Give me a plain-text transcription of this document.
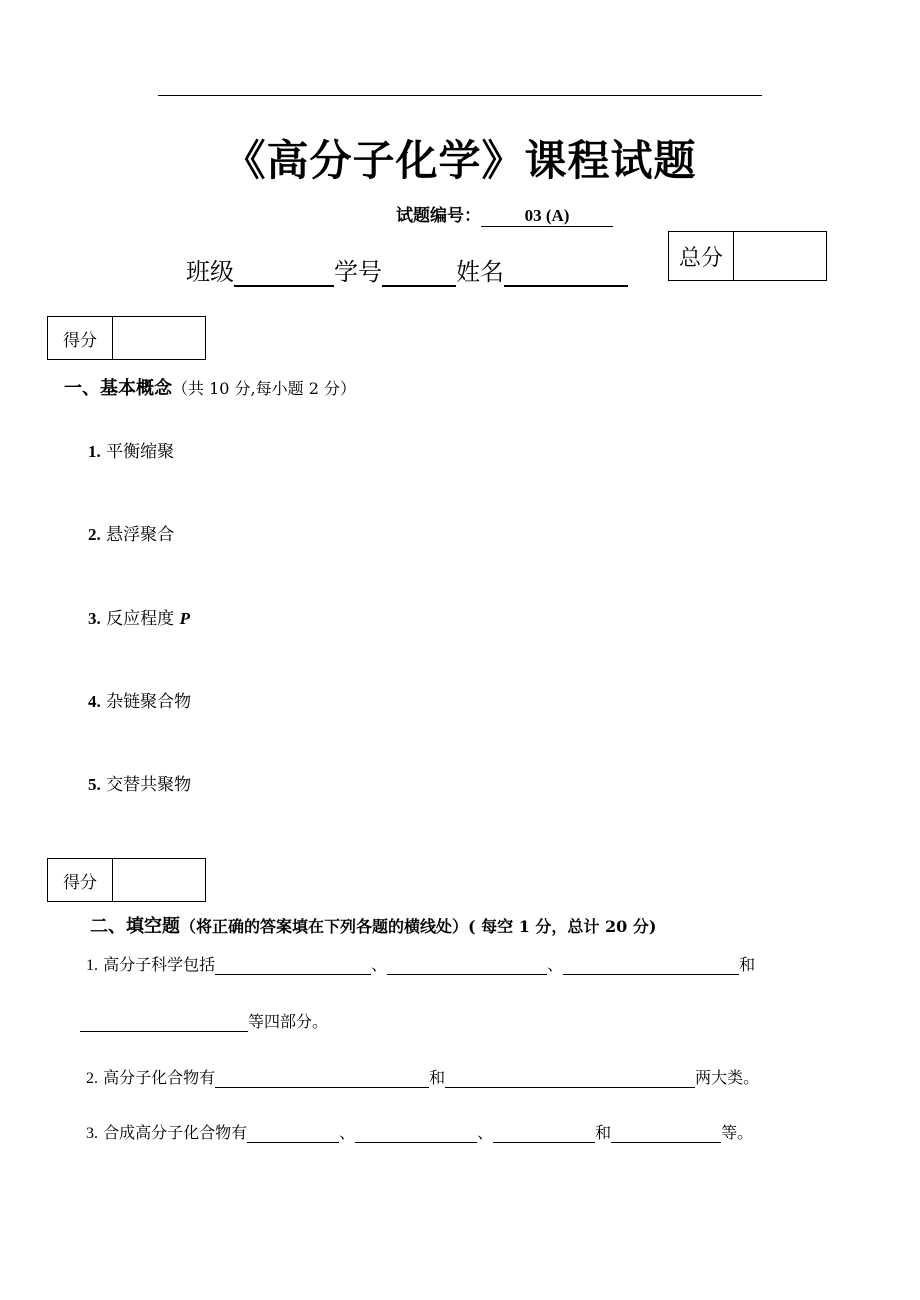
《高分子化学》课程试题
试题编号：	03 (A)
班级	学号	姓名	总分	
得分	
一、基本概念（共 10 分,每小题 2 分）
1. 平衡缩聚
2. 悬浮聚合
3. 反应程度 P
4. 杂链聚合物
5. 交替共聚物
得分	
二、填空题（将正确的答案填在下列各题的横线处）( 每空 1 分，总计 20 分)
1. 高分子科学包括	、	、	和
等四部分。
2. 高分子化合物有	和	两大类。
3. 合成高分子化合物有	、	、	和	等。
